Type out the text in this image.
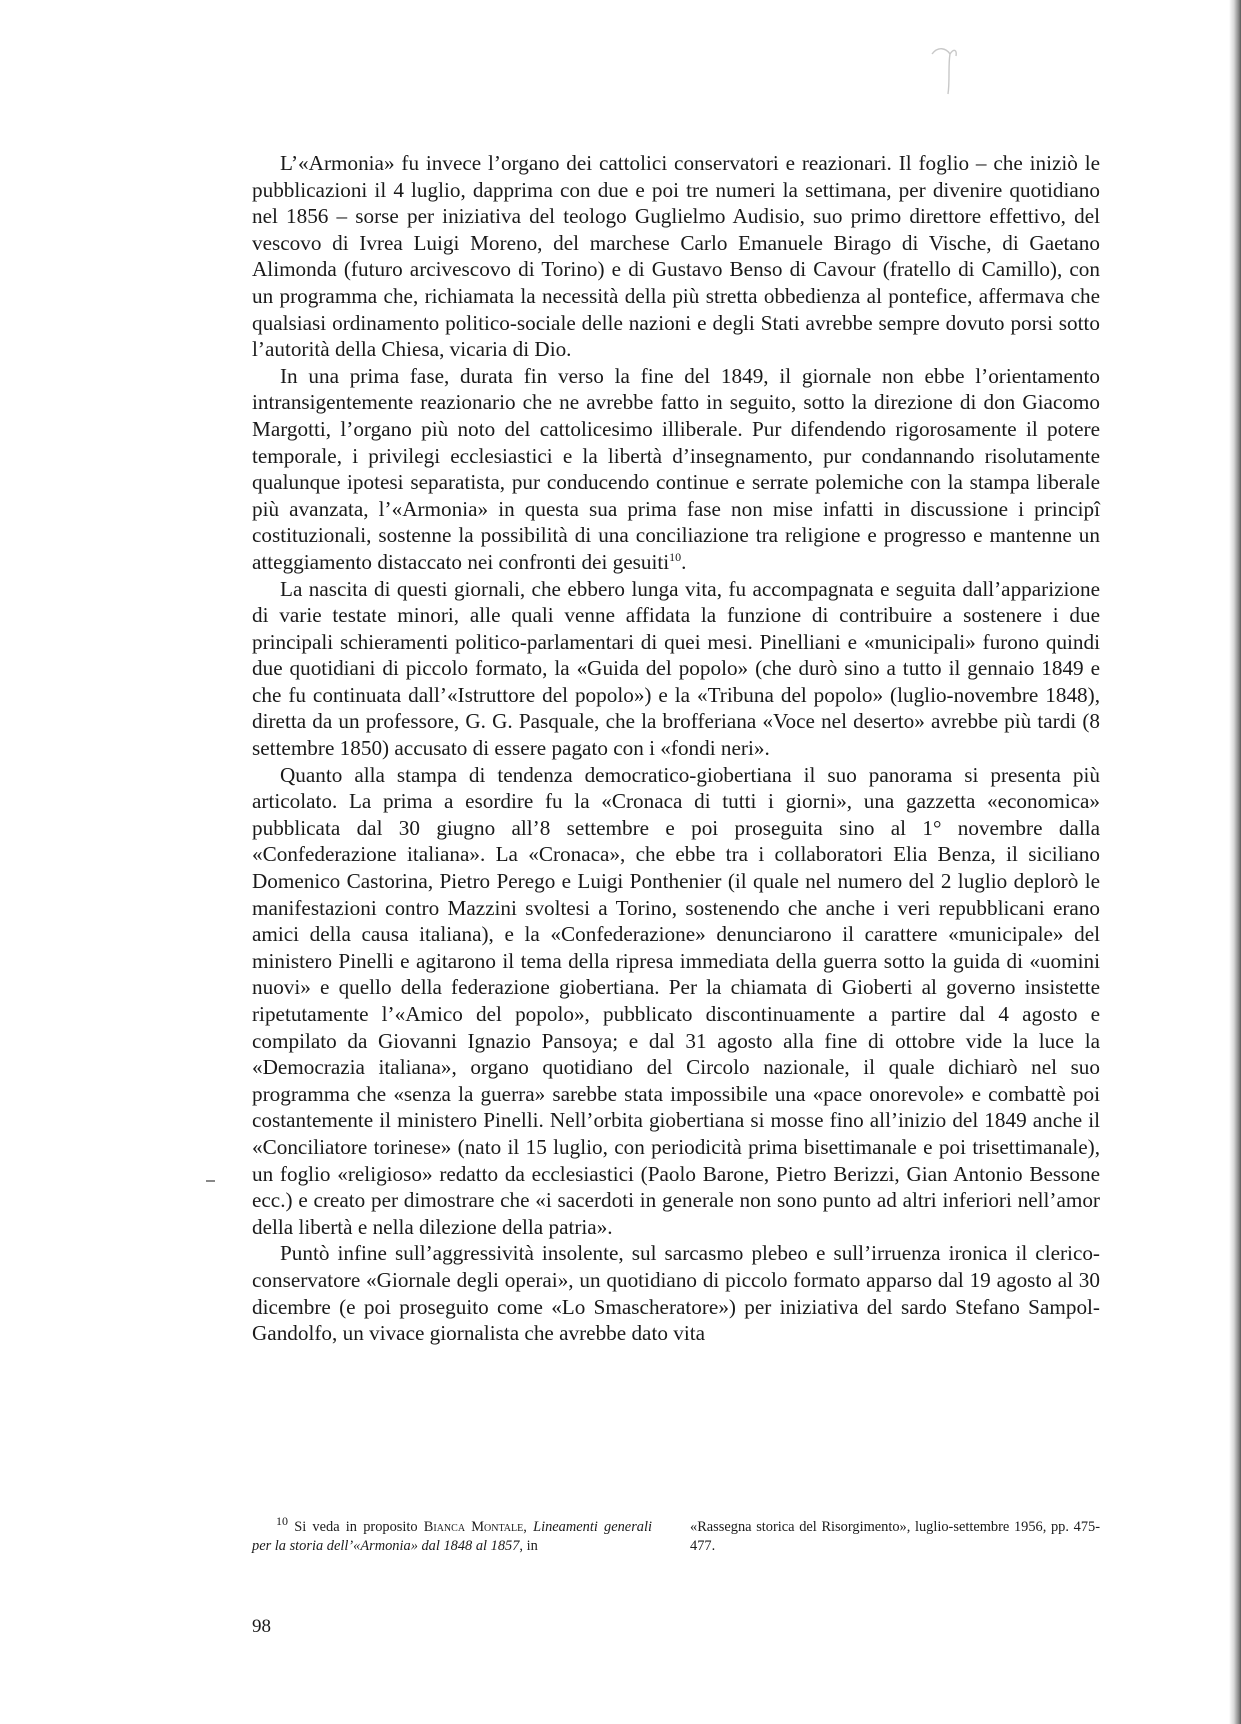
L’«Armonia» fu invece l’organo dei cattolici conservatori e reazionari. Il foglio – che iniziò le pubblicazioni il 4 luglio, dapprima con due e poi tre numeri la settimana, per divenire quotidiano nel 1856 – sorse per iniziativa del teologo Guglielmo Audisio, suo primo direttore effettivo, del vescovo di Ivrea Luigi Moreno, del marchese Carlo Emanuele Birago di Vische, di Gaetano Alimonda (futuro arcivescovo di Torino) e di Gustavo Benso di Cavour (fratello di Camillo), con un programma che, richiamata la necessità della più stretta obbedienza al pontefice, affermava che qualsiasi ordinamento politico-sociale delle nazioni e degli Stati avrebbe sempre dovuto porsi sotto l’autorità della Chiesa, vicaria di Dio.

In una prima fase, durata fin verso la fine del 1849, il giornale non ebbe l’orientamento intransigentemente reazionario che ne avrebbe fatto in seguito, sotto la direzione di don Giacomo Margotti, l’organo più noto del cattolicesimo illiberale. Pur difendendo rigorosamente il potere temporale, i privilegi ecclesiastici e la libertà d’insegnamento, pur condannando risolutamente qualunque ipotesi separatista, pur conducendo continue e serrate polemiche con la stampa liberale più avanzata, l’«Armonia» in questa sua prima fase non mise infatti in discussione i principî costituzionali, sostenne la possibilità di una conciliazione tra religione e progresso e mantenne un atteggiamento distaccato nei confronti dei gesuiti$^{10}$.

La nascita di questi giornali, che ebbero lunga vita, fu accompagnata e seguita dall’apparizione di varie testate minori, alle quali venne affidata la funzione di contribuire a sostenere i due principali schieramenti politico-parlamentari di quei mesi. Pinelliani e «municipali» furono quindi due quotidiani di piccolo formato, la «Guida del popolo» (che durò sino a tutto il gennaio 1849 e che fu continuata dall’«Istruttore del popolo») e la «Tribuna del popolo» (luglio-novembre 1848), diretta da un professore, G. G. Pasquale, che la brofferiana «Voce nel deserto» avrebbe più tardi (8 settembre 1850) accusato di essere pagato con i «fondi neri».

Quanto alla stampa di tendenza democratico-giobertiana il suo panorama si presenta più articolato. La prima a esordire fu la «Cronaca di tutti i giorni», una gazzetta «economica» pubblicata dal 30 giugno all’8 settembre e poi proseguita sino al 1° novembre dalla «Confederazione italiana». La «Cronaca», che ebbe tra i collaboratori Elia Benza, il siciliano Domenico Castorina, Pietro Perego e Luigi Ponthenier (il quale nel numero del 2 luglio deplorò le manifestazioni contro Mazzini svoltesi a Torino, sostenendo che anche i veri repubblicani erano amici della causa italiana), e la «Confederazione» denunciarono il carattere «municipale» del ministero Pinelli e agitarono il tema della ripresa immediata della guerra sotto la guida di «uomini nuovi» e quello della federazione giobertiana. Per la chiamata di Gioberti al governo insistette ripetutamente l’«Amico del popolo», pubblicato discontinuamente a partire dal 4 agosto e compilato da Giovanni Ignazio Pansoya; e dal 31 agosto alla fine di ottobre vide la luce la «Democrazia italiana», organo quotidiano del Circolo nazionale, il quale dichiarò nel suo programma che «senza la guerra» sarebbe stata impossibile una «pace onorevole» e combattè poi costantemente il ministero Pinelli. Nell’orbita giobertiana si mosse fino all’inizio del 1849 anche il «Conciliatore torinese» (nato il 15 luglio, con periodicità prima bisettimanale e poi trisettimanale), un foglio «religioso» redatto da ecclesiastici (Paolo Barone, Pietro Berizzi, Gian Antonio Bessone ecc.) e creato per dimostrare che «i sacerdoti in generale non sono punto ad altri inferiori nell’amor della libertà e nella dilezione della patria».

Puntò infine sull’aggressività insolente, sul sarcasmo plebeo e sull’irruenza ironica il clerico-conservatore «Giornale degli operai», un quotidiano di piccolo formato apparso dal 19 agosto al 30 dicembre (e poi proseguito come «Lo Smascheratore») per iniziativa del sardo Stefano Sampol-Gandolfo, un vivace giornalista che avrebbe dato vita

$^{10}$ Si veda in proposito Bianca Montale, Lineamenti generali per la storia dell’«Armonia» dal 1848 al 1857, in
«Rassegna storica del Risorgimento», luglio-settembre 1956, pp. 475-477.
98
